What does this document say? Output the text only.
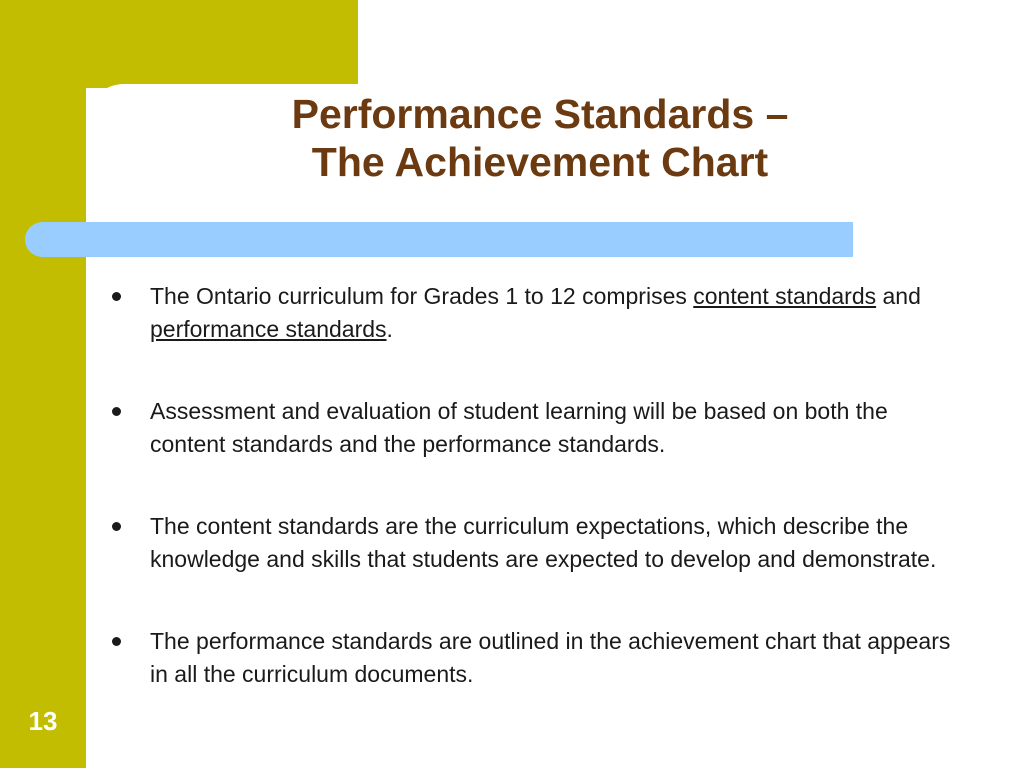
Performance Standards –
The Achievement Chart
The Ontario curriculum for Grades 1 to 12 comprises content standards and performance standards.
Assessment and evaluation of student learning will be based on both the content standards and the performance standards.
The content standards are the curriculum expectations, which describe the knowledge and skills that students are expected to develop and demonstrate.
The performance standards are outlined in the achievement chart that appears in all the curriculum documents.
13
